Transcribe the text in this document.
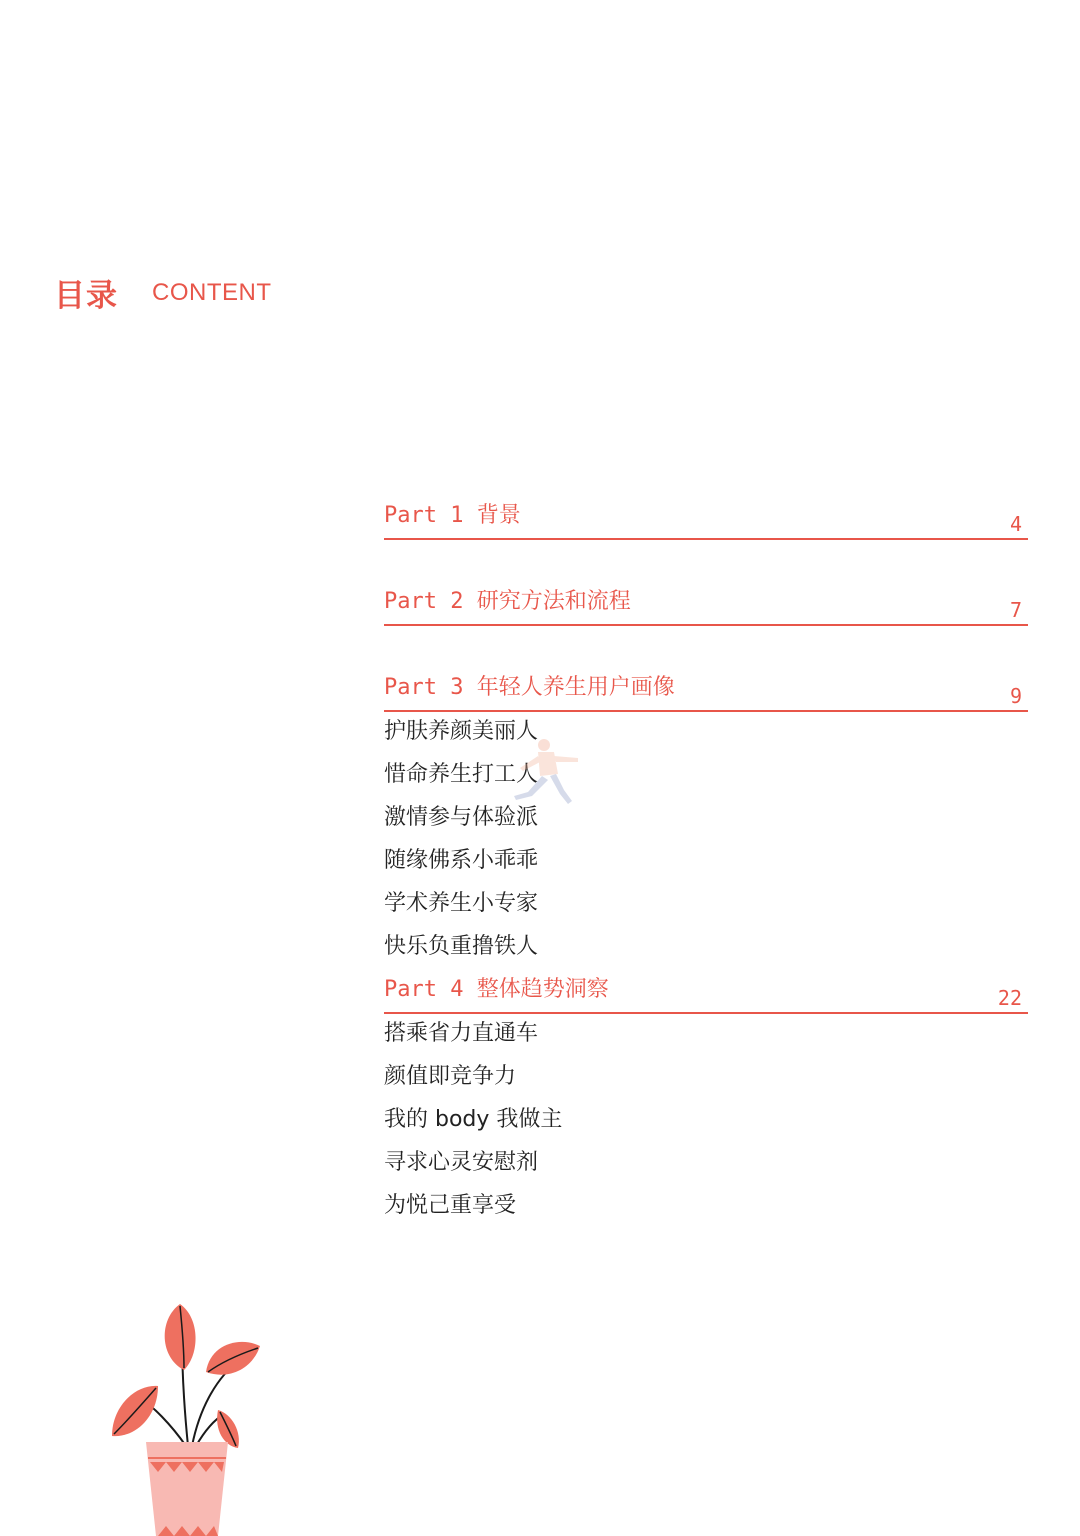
目录 CONTENT
Part 1 背景	4
Part 2 研究方法和流程	7
Part 3 年轻人养生用户画像	9
护肤养颜美丽人
惜命养生打工人
激情参与体验派
随缘佛系小乖乖
学术养生小专家
快乐负重撸铁人
Part 4 整体趋势洞察	22
搭乘省力直通车
颜值即竞争力
我的 body 我做主
寻求心灵安慰剂
为悦己重享受
